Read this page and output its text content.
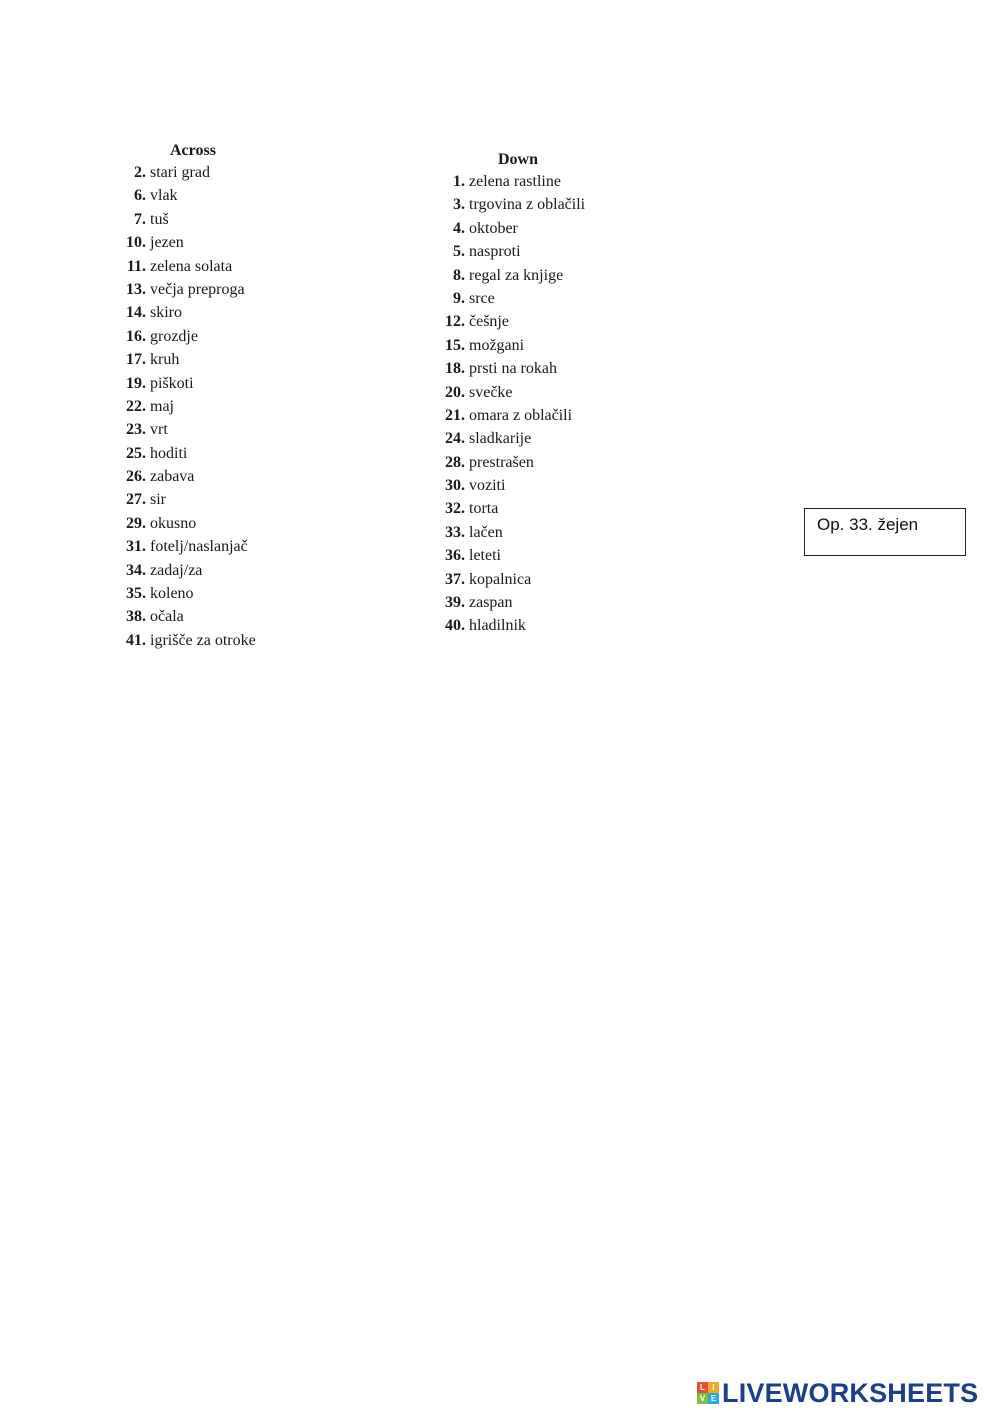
Across
2. stari grad
6. vlak
7. tuš
10. jezen
11. zelena solata
13. večja preproga
14. skiro
16. grozdje
17. kruh
19. piškoti
22. maj
23. vrt
25. hoditi
26. zabava
27. sir
29. okusno
31. fotelj/naslanjač
34. zadaj/za
35. koleno
38. očala
41. igrišče za otroke
Down
1. zelena rastline
3. trgovina z oblačili
4. oktober
5. nasproti
8. regal za knjige
9. srce
12. češnje
15. možgani
18. prsti na rokah
20. svečke
21. omara z oblačili
24. sladkarije
28. prestrašen
30. voziti
32. torta
33. lačen
36. leteti
37. kopalnica
39. zaspan
40. hladilnik
Op. 33. žejen
L I
V E LIVEWORKSHEETS
